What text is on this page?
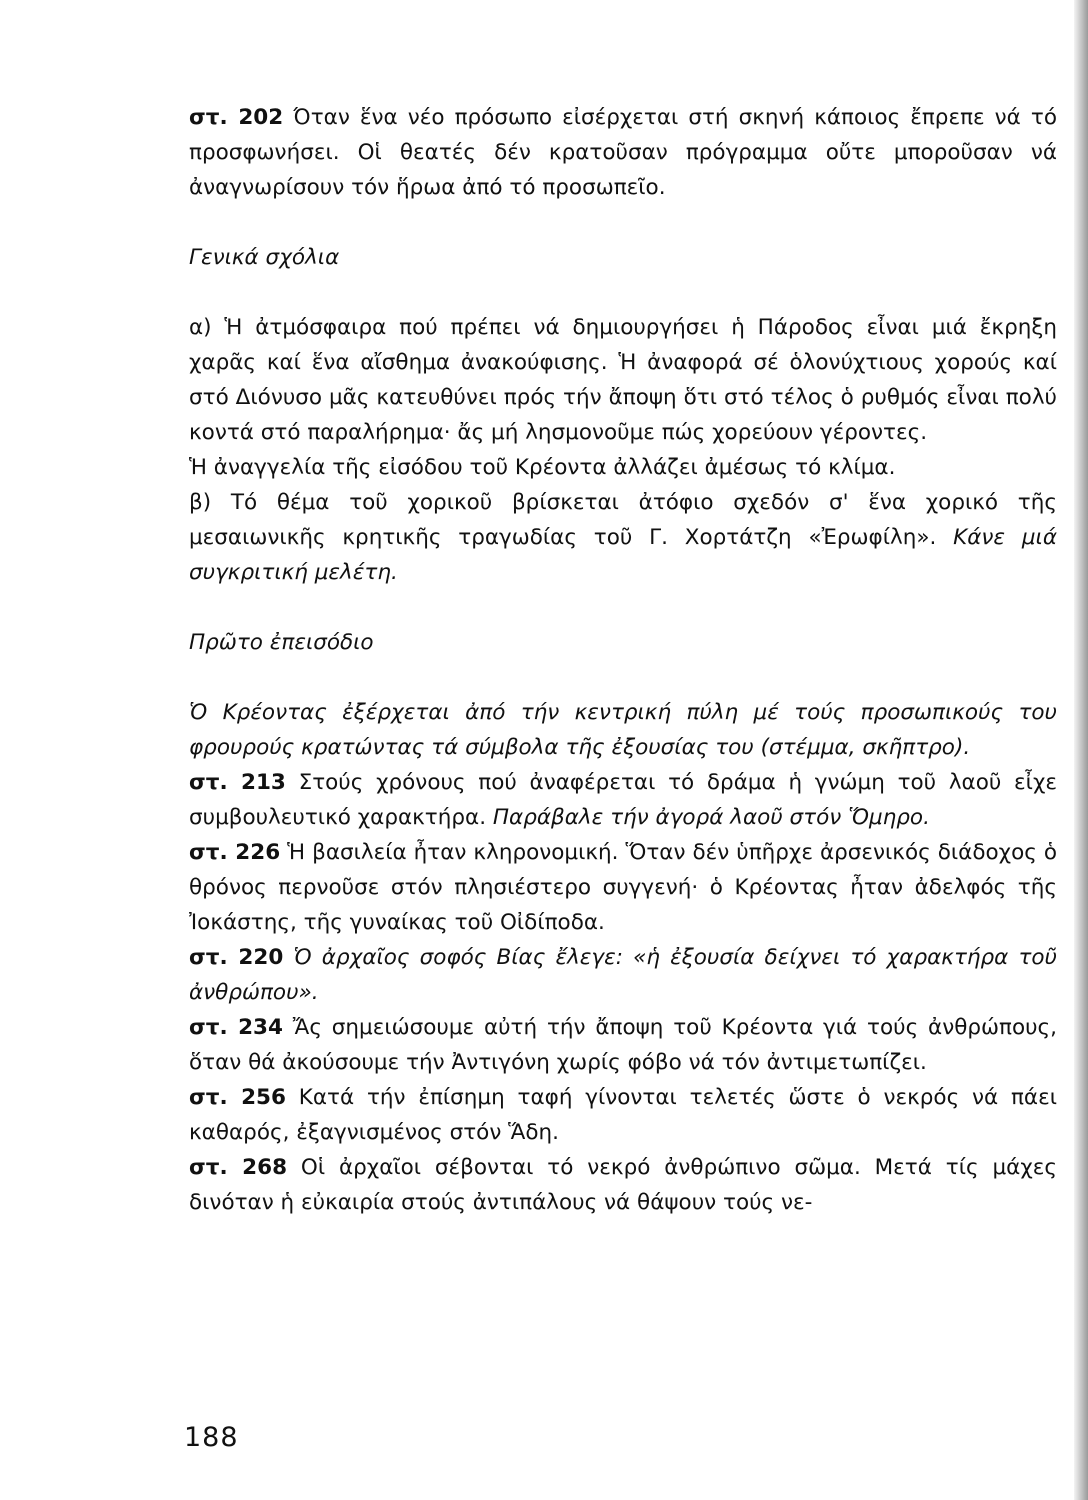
στ. 202 Όταν ἕνα νέο πρόσωπο εἰσέρχεται στή σκηνή κάποιος ἔπρεπε νά τό προσφωνήσει. Οἱ θεατές δέν κρατοῦσαν πρόγραμμα οὔτε μποροῦσαν νά ἀναγνωρίσουν τόν ἥρωα ἀπό τό προσωπεῖο.

Γενικά σχόλια

α) Ἡ ἀτμόσφαιρα πού πρέπει νά δημιουργήσει ἡ Πάροδος εἶναι μιά ἔκρηξη χαρᾶς καί ἕνα αἴσθημα ἀνακούφισης. Ἡ ἀναφορά σέ ὁλονύχτιους χορούς καί στό Διόνυσο μᾶς κατευθύνει πρός τήν ἄποψη ὅτι στό τέλος ὁ ρυθμός εἶναι πολύ κοντά στό παραλήρημα· ἄς μή λησμονοῦμε πώς χορεύουν γέροντες.

Ἡ ἀναγγελία τῆς εἰσόδου τοῦ Κρέοντα ἀλλάζει ἀμέσως τό κλίμα.

β) Τό θέμα τοῦ χορικοῦ βρίσκεται ἀτόφιο σχεδόν σ' ἕνα χορικό τῆς μεσαιωνικῆς κρητικῆς τραγωδίας τοῦ Γ. Χορτάτζη «Ἐρωφίλη». Κάνε μιά συγκριτική μελέτη.

Πρῶτο ἐπεισόδιο

Ὁ Κρέοντας ἐξέρχεται ἀπό τήν κεντρική πύλη μέ τούς προσωπικούς του φρουρούς κρατώντας τά σύμβολα τῆς ἐξουσίας του (στέμμα, σκῆπτρο).

στ. 213 Στούς χρόνους πού ἀναφέρεται τό δράμα ἡ γνώμη τοῦ λαοῦ εἶχε συμβουλευτικό χαρακτήρα. Παράβαλε τήν ἀγορά λαοῦ στόν Ὅμηρο.

στ. 226 Ἡ βασιλεία ἦταν κληρονομική. Ὅταν δέν ὑπῆρχε ἀρσενικός διάδοχος ὁ θρόνος περνοῦσε στόν πλησιέστερο συγγενή· ὁ Κρέοντας ἦταν ἀδελφός τῆς Ἰοκάστης, τῆς γυναίκας τοῦ Οἰδίποδα.

στ. 220 Ὁ ἀρχαῖος σοφός Βίας ἔλεγε: «ἡ ἐξουσία δείχνει τό χαρακτήρα τοῦ ἀνθρώπου».

στ. 234 Ἄς σημειώσουμε αὐτή τήν ἄποψη τοῦ Κρέοντα γιά τούς ἀνθρώπους, ὅταν θά ἀκούσουμε τήν Ἀντιγόνη χωρίς φόβο νά τόν ἀντιμετωπίζει.

στ. 256 Κατά τήν ἐπίσημη ταφή γίνονται τελετές ὥστε ὁ νεκρός νά πάει καθαρός, ἐξαγνισμένος στόν Ἅδη.

στ. 268 Οἱ ἀρχαῖοι σέβονται τό νεκρό ἀνθρώπινο σῶμα. Μετά τίς μάχες δινόταν ἡ εὐκαιρία στούς ἀντιπάλους νά θάψουν τούς νε-

188
